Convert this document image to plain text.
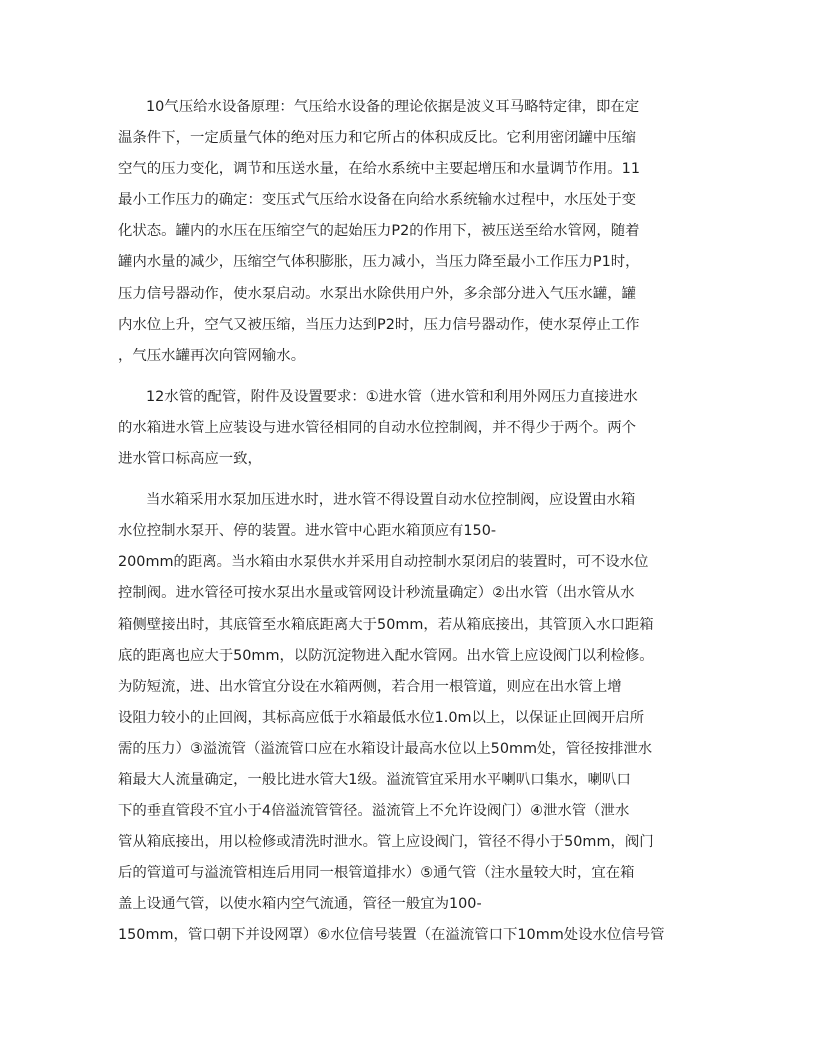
10气压给水设备原理：气压给水设备的理论依据是波义耳马略特定律，即在定
温条件下，一定质量气体的绝对压力和它所占的体积成反比。它利用密闭罐中压缩
空气的压力变化，调节和压送水量，在给水系统中主要起增压和水量调节作用。11
最小工作压力的确定：变压式气压给水设备在向给水系统输水过程中，水压处于变
化状态。罐内的水压在压缩空气的起始压力P2的作用下，被压送至给水管网，随着
罐内水量的减少，压缩空气体积膨胀，压力减小，当压力降至最小工作压力P1时，
压力信号器动作，使水泵启动。水泵出水除供用户外，多余部分进入气压水罐，罐
内水位上升，空气又被压缩，当压力达到P2时，压力信号器动作，使水泵停止工作
，气压水罐再次向管网输水。
12水管的配管，附件及设置要求：①进水管（进水管和利用外网压力直接进水
的水箱进水管上应装设与进水管径相同的自动水位控制阀，并不得少于两个。两个
进水管口标高应一致，
当水箱采用水泵加压进水时，进水管不得设置自动水位控制阀，应设置由水箱
水位控制水泵开、停的装置。进水管中心距水箱顶应有150-
200mm的距离。当水箱由水泵供水并采用自动控制水泵闭启的装置时，可不设水位
控制阀。进水管径可按水泵出水量或管网设计秒流量确定）②出水管（出水管从水
箱侧壁接出时，其底管至水箱底距离大于50mm，若从箱底接出，其管顶入水口距箱
底的距离也应大于50mm，以防沉淀物进入配水管网。出水管上应设阀门以利检修。
为防短流，进、出水管宜分设在水箱两侧，若合用一根管道，则应在出水管上增
设阻力较小的止回阀，其标高应低于水箱最低水位1.0m以上，以保证止回阀开启所
需的压力）③溢流管（溢流管口应在水箱设计最高水位以上50mm处，管径按排泄水
箱最大人流量确定，一般比进水管大1级。溢流管宜采用水平喇叭口集水，喇叭口
下的垂直管段不宜小于4倍溢流管管径。溢流管上不允许设阀门）④泄水管（泄水
管从箱底接出，用以检修或清洗时泄水。管上应设阀门，管径不得小于50mm，阀门
后的管道可与溢流管相连后用同一根管道排水）⑤通气管（注水量较大时，宜在箱
盖上设通气管，以使水箱内空气流通，管径一般宜为100-
150mm，管口朝下并设网罩）⑥水位信号装置（在溢流管口下10mm处设水位信号管
